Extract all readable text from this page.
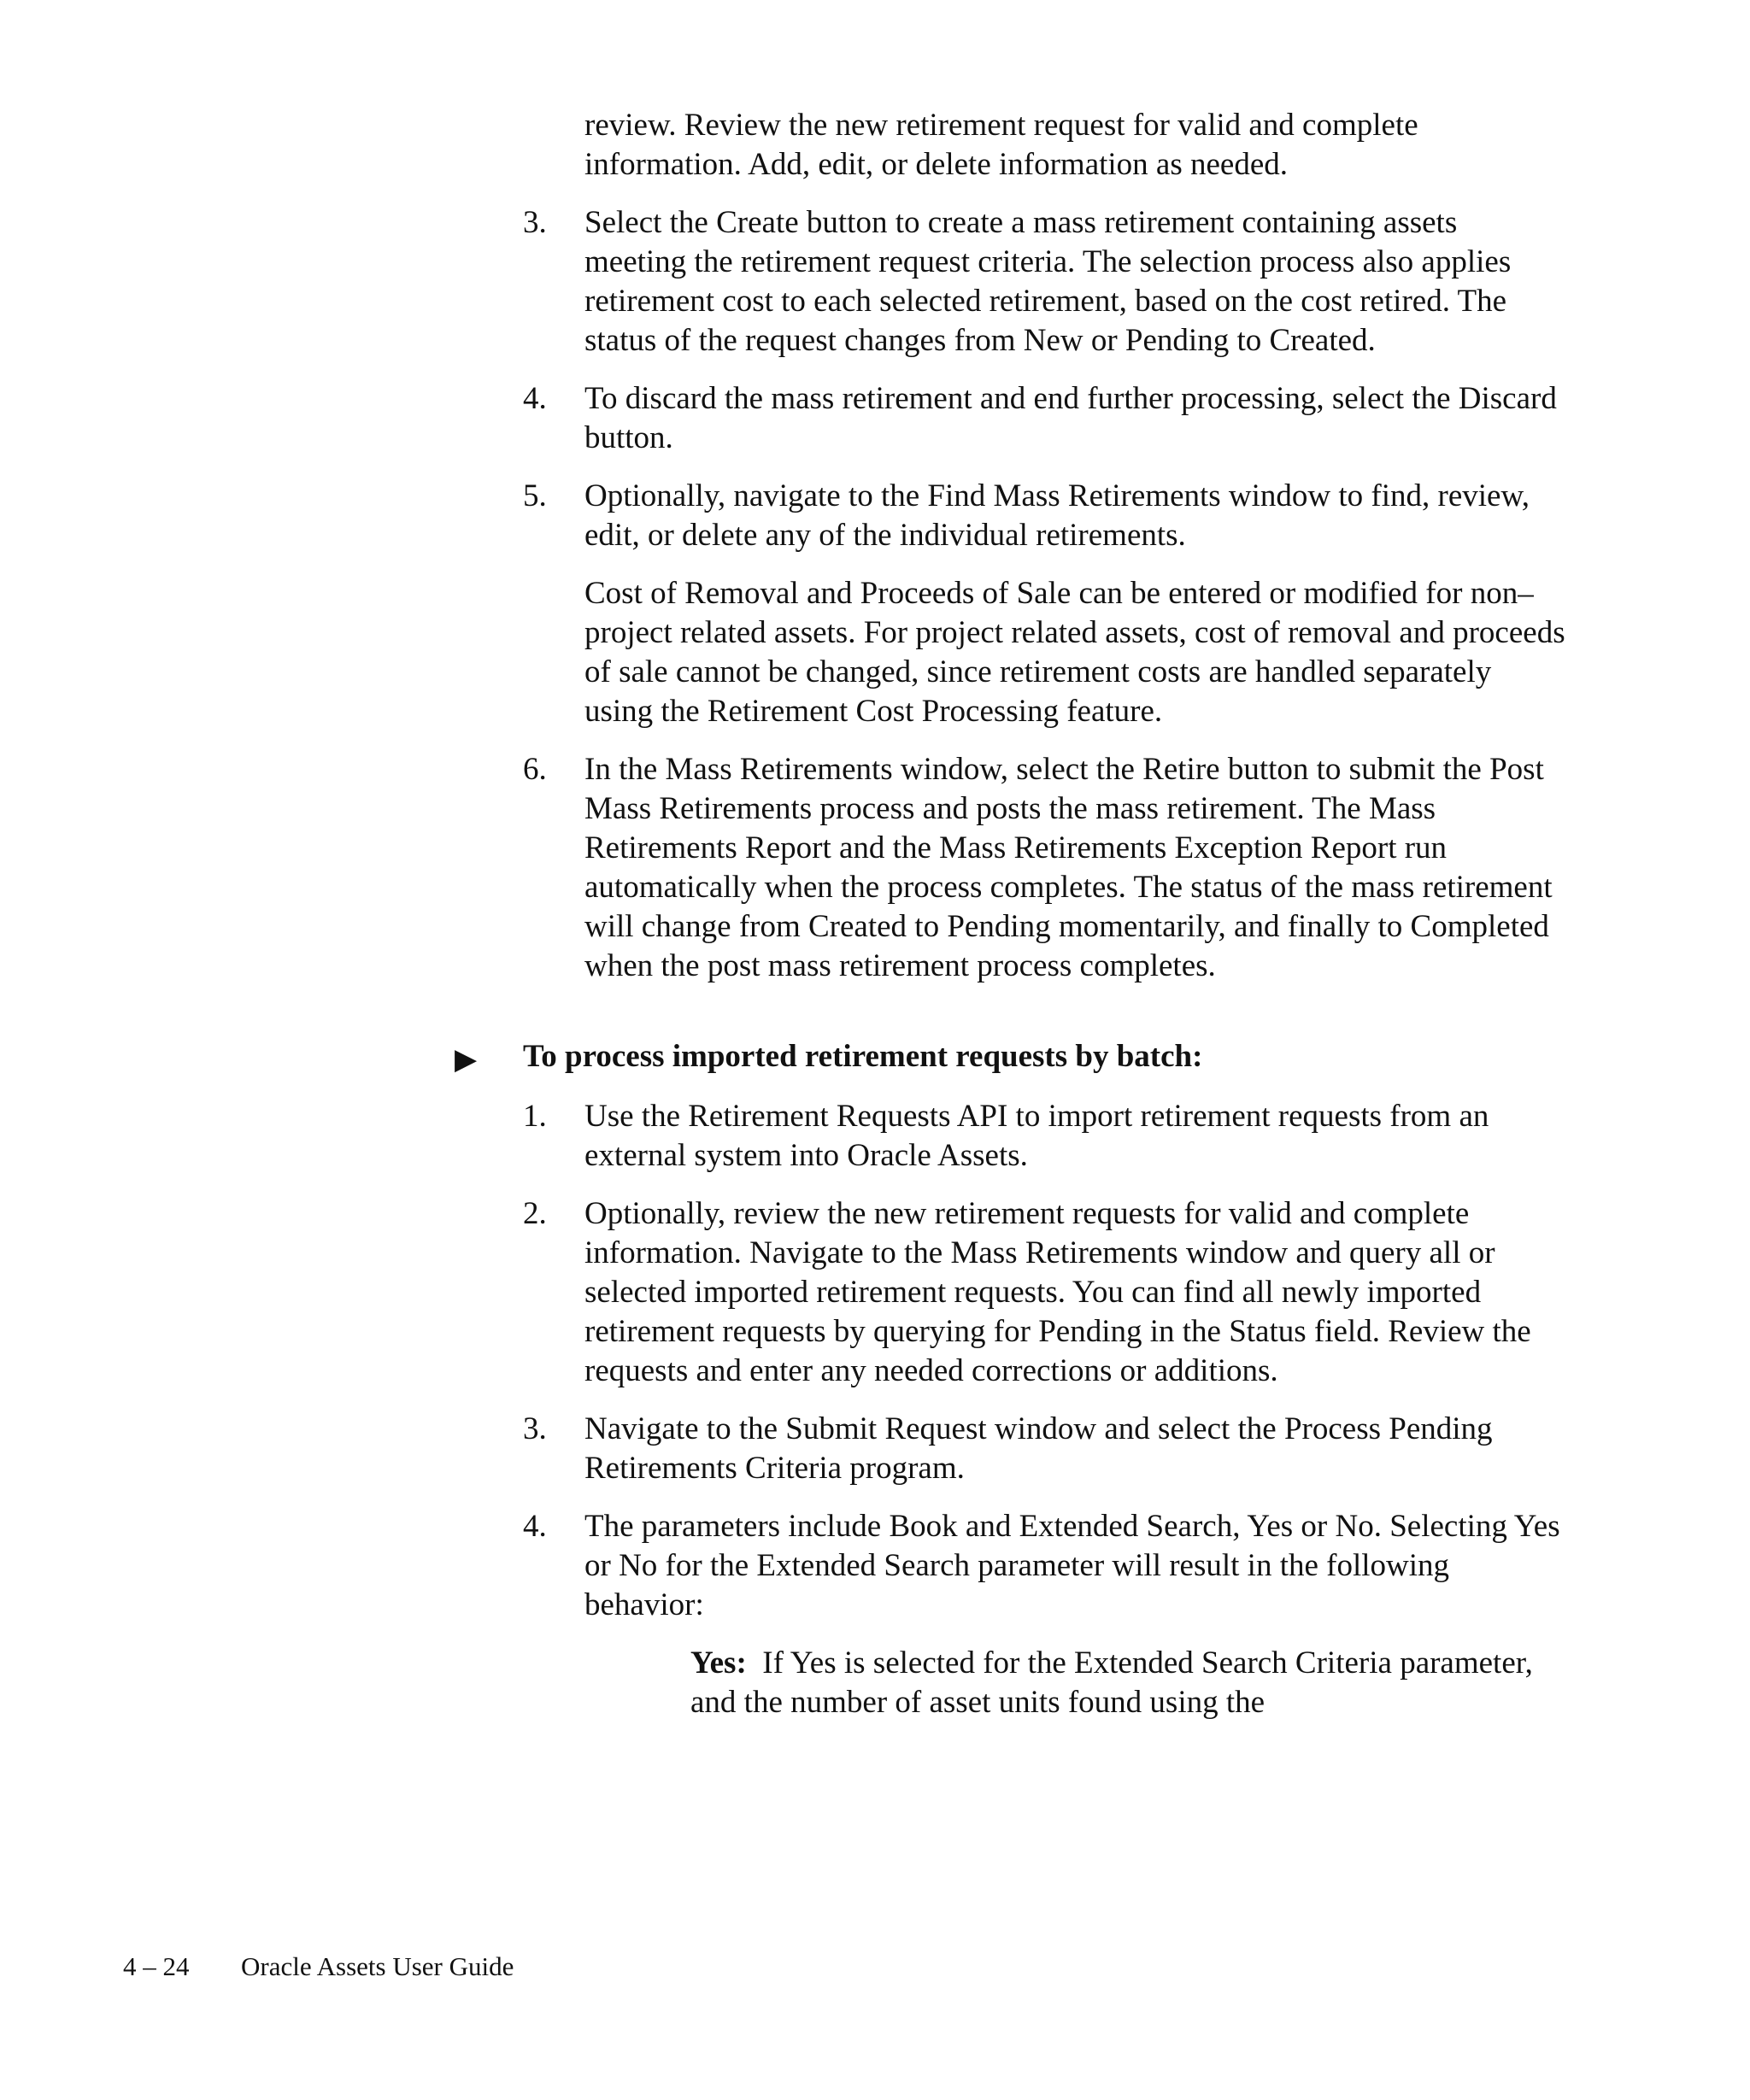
review. Review the new retirement request for valid and complete information. Add, edit, or delete information as needed.
3. Select the Create button to create a mass retirement containing assets meeting the retirement request criteria. The selection process also applies retirement cost to each selected retirement, based on the cost retired. The status of the request changes from New or Pending to Created.
4. To discard the mass retirement and end further processing, select the Discard button.
5. Optionally, navigate to the Find Mass Retirements window to find, review, edit, or delete any of the individual retirements.
Cost of Removal and Proceeds of Sale can be entered or modified for non–project related assets. For project related assets, cost of removal and proceeds of sale cannot be changed, since retirement costs are handled separately using the Retirement Cost Processing feature.
6. In the Mass Retirements window, select the Retire button to submit the Post Mass Retirements process and posts the mass retirement. The Mass Retirements Report and the Mass Retirements Exception Report run automatically when the process completes. The status of the mass retirement will change from Created to Pending momentarily, and finally to Completed when the post mass retirement process completes.
▶ To process imported retirement requests by batch:
1. Use the Retirement Requests API to import retirement requests from an external system into Oracle Assets.
2. Optionally, review the new retirement requests for valid and complete information. Navigate to the Mass Retirements window and query all or selected imported retirement requests. You can find all newly imported retirement requests by querying for Pending in the Status field. Review the requests and enter any needed corrections or additions.
3. Navigate to the Submit Request window and select the Process Pending Retirements Criteria program.
4. The parameters include Book and Extended Search, Yes or No. Selecting Yes or No for the Extended Search parameter will result in the following behavior:
Yes: If Yes is selected for the Extended Search Criteria parameter, and the number of asset units found using the
4 – 24 Oracle Assets User Guide
